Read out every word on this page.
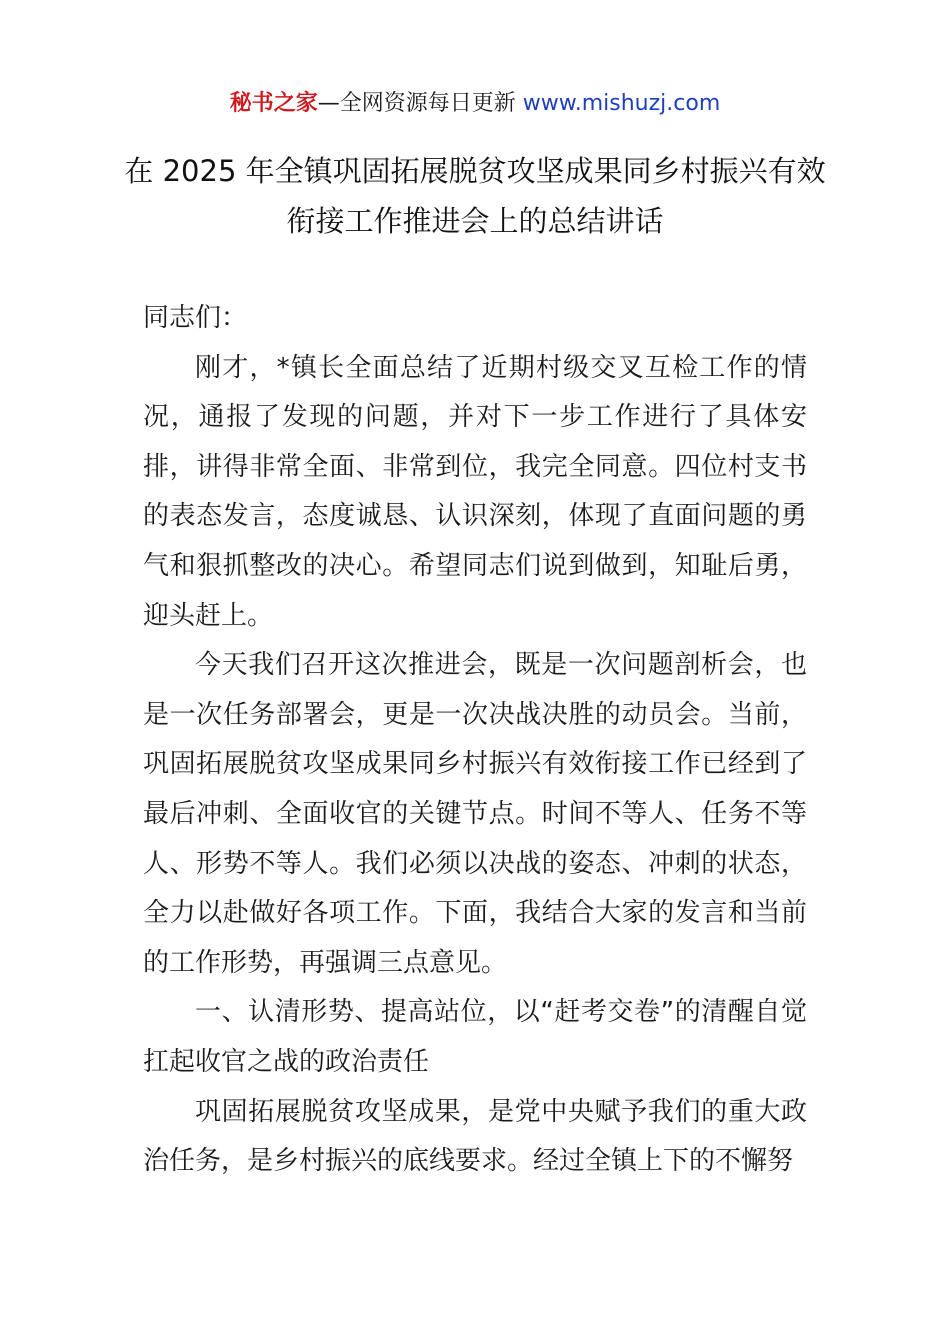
秘书之家—全网资源每日更新 www.mishuzj.com
在 2025 年全镇巩固拓展脱贫攻坚成果同乡村振兴有效衔接工作推进会上的总结讲话

同志们：

刚才，*镇长全面总结了近期村级交叉互检工作的情况，通报了发现的问题，并对下一步工作进行了具体安排，讲得非常全面、非常到位，我完全同意。四位村支书的表态发言，态度诚恳、认识深刻，体现了直面问题的勇气和狠抓整改的决心。希望同志们说到做到，知耻后勇，迎头赶上。

今天我们召开这次推进会，既是一次问题剖析会，也是一次任务部署会，更是一次决战决胜的动员会。当前，巩固拓展脱贫攻坚成果同乡村振兴有效衔接工作已经到了最后冲刺、全面收官的关键节点。时间不等人、任务不等人、形势不等人。我们必须以决战的姿态、冲刺的状态，全力以赴做好各项工作。下面，我结合大家的发言和当前的工作形势，再强调三点意见。

一、认清形势、提高站位，以“赶考交卷”的清醒自觉扛起收官之战的政治责任

巩固拓展脱贫攻坚成果，是党中央赋予我们的重大政治任务，是乡村振兴的底线要求。经过全镇上下的不懈努
